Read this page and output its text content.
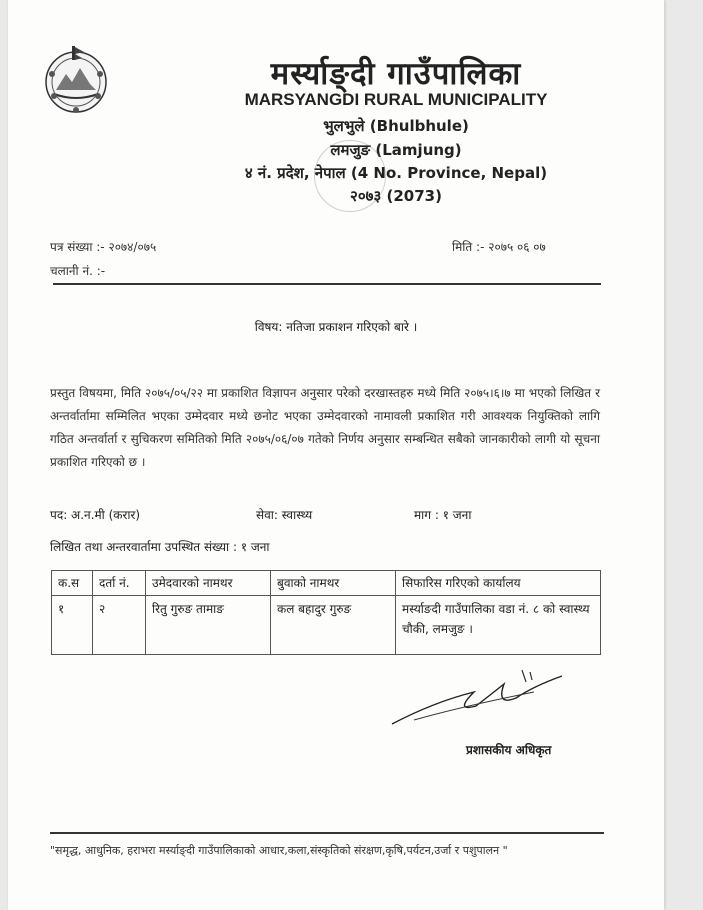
मर्स्याङ्दी गाउँपालिका
MARSYANGDI RURAL MUNICIPALITY
भुलभुले (Bhulbhule)
लमजुङ (Lamjung)
४ नं. प्रदेश, नेपाल (4 No. Province, Nepal)
२०७३ (2073)
पत्र संख्या :- २०७४/०७५
चलानी नं. :-
मिति :- २०७५ ०६ ०७
विषय: नतिजा प्रकाशन गरिएको बारे ।
प्रस्तुत विषयमा, मिति २०७५/०५/२२ मा प्रकाशित विज्ञापन अनुसार परेको दरखास्तहरु मध्ये मिति २०७५।६।७ मा भएको लिखित र अन्तर्वार्तामा सम्मिलित भएका उम्मेदवार मध्ये छनोट भएका उम्मेदवारको नामावली प्रकाशित गरी आवश्यक नियुक्तिको लागि गठित अन्तर्वार्ता र सुचिकरण समितिको मिति २०७५/०६/०७ गतेको निर्णय अनुसार सम्बन्धित सबैको जानकारीको लागी यो सूचना प्रकाशित गरिएको छ ।
पद: अ.न.मी (करार)	सेवा: स्वास्थ्य	माग : १ जना
लिखित तथा अन्तरवार्तामा उपस्थित संख्या : १ जना
क.स	दर्ता नं.	उमेदवारको नामथर	बुवाको नामथर	सिफारिस गरिएको कार्यालय
१	२	रितु गुरुङ तामाङ	कल बहादुर गुरुङ	मर्स्याङदी गाउँपालिका वडा नं. ८ को स्वास्थ्य चौकी, लमजुङ ।
प्रशासकीय अधिकृत
"समृद्ध, आधुनिक, हराभरा मर्स्याङ्दी गाउँपालिकाको आधार,कला,संस्कृतिको संरक्षण,कृषि,पर्यटन,उर्जा र पशुपालन "
